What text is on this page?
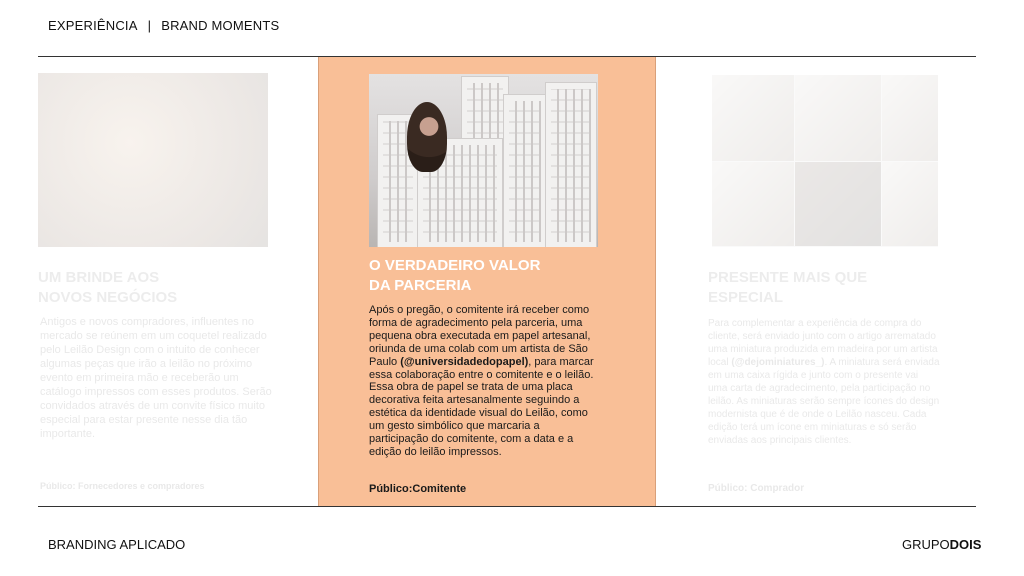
EXPERIÊNCIA | BRAND MOMENTS
UM BRINDE AOS
NOVOS NEGÓCIOS
Antigos e novos compradores, influentes no mercado se reúnem em um coquetel realizado pelo Leilão Design com o intuito de conhecer algumas peças que irão a leilão no próximo evento em primeira mão e receberão um catálogo impressos com esses produtos. Serão convidados através de um convite físico muito especial para estar presente nesse dia tão importante.
Público: Fornecedores e compradores
O VERDADEIRO VALOR
DA PARCERIA
Após o pregão, o comitente irá receber como forma de agradecimento pela parceria, uma pequena obra executada em papel artesanal, oriunda de uma colab com um artista de São Paulo (@universidadedopapel), para marcar essa colaboração entre o comitente e o leilão. Essa obra de papel se trata de uma placa decorativa feita artesanalmente seguindo a estética da identidade visual do Leilão, como um gesto simbólico que marcaria a participação do comitente, com a data e a edição do leilão impressos.
Público:Comitente
PRESENTE MAIS QUE
ESPECIAL
Para complementar a experiência de compra do cliente, será enviado junto com o artigo arrematado uma miniatura produzida em madeira por um artista local (@dejominiatures_). A miniatura será enviada em uma caixa rígida e junto com o presente vai uma carta de agradecimento, pela participação no leilão. As miniaturas serão sempre ícones do design modernista que é de onde o Leilão nasceu. Cada edição terá um ícone em miniaturas e só serão enviadas aos principais clientes.
Público: Comprador
BRANDING APLICADO	GRUPODOIS
